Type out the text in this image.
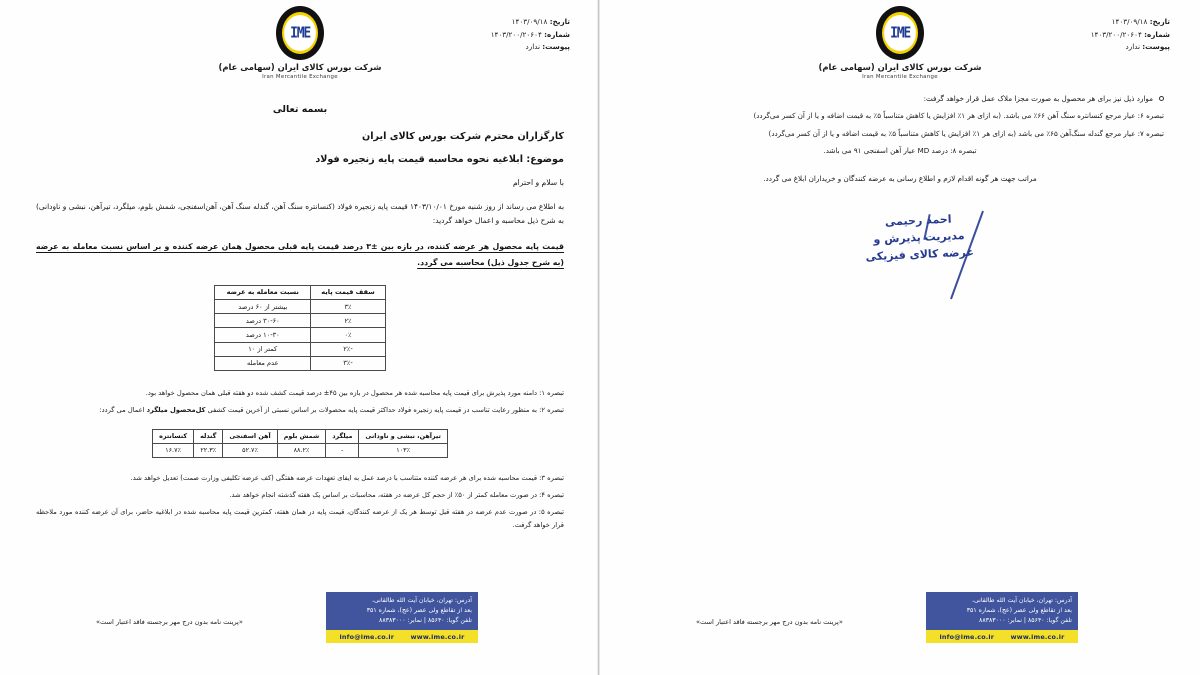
تاریخ: ۱۴۰۳/۰۹/۱۸
شماره: ۱۴۰۳/۲۰۰/۲۰۶۰۴
پیوست: ندارد
IME
شرکت بورس کالای ایران (سهامی عام)
Iran Mercantile Exchange
موارد ذیل نیز برای هر محصول به صورت مجزا ملاک عمل قرار خواهد گرفت:
تبصره ۶: عیار مرجع کنسانتره سنگ آهن ۶۶٪ می باشد. (به ازای هر ۱٪ افزایش یا کاهش متناسباً ۵٪ به قیمت اضافه و یا از آن کسر می‌گردد)
تبصره ۷: عیار مرجع گندله سنگ‌آهن ۶۵٪ می باشد (به ازای هر ۱٪ افزایش یا کاهش متناسباً ۵٪ به قیمت اضافه و یا از آن کسر می‌گردد)
تبصره ۸: درصد MD عیار آهن اسفنجی ۹۱ می باشد.
مراتب جهت هر گونه اقدام لازم و اطلاع رسانی به عرضه کنندگان و خریداران ابلاغ می گردد.
احمد رحیمی
مدیریت پذیرش و
عرضه کالای فیزیکی
آدرس: تهران، خیابان آیت الله طالقانی،
بعد از تقاطع ولی عصر (عج)، شماره ۳۵۱
تلفن گویا: ۸۵۶۴۰ | نمابر: ۸۸۳۸۳۰۰۰
info@ime.co.ir	www.ime.co.ir
«پرینت نامه بدون درج مهر برجسته فاقد اعتبار است»
تاریخ: ۱۴۰۳/۰۹/۱۸
شماره: ۱۴۰۳/۲۰۰/۲۰۶۰۴
پیوست: ندارد
IME
شرکت بورس کالای ایران (سهامی عام)
Iran Mercantile Exchange
بسمه تعالی
کارگزاران محترم شرکت بورس کالای ایران
موضوع: ابلاغیه نحوه محاسبه قیمت پایه زنجیره فولاد
با سلام و احترام
به اطلاع می رساند از روز شنبه مورخ ۱۴۰۳/۱۰/۰۱ قیمت پایه زنجیره فولاد (کنسانتره سنگ آهن، گندله سنگ آهن، آهن‌اسفنجی، شمش بلوم، میلگرد، تیرآهن، نبشی و ناودانی) به شرح ذیل محاسبه و اعمال خواهد گردید:
قیمت پایه محصول هر عرضه کننده، در بازه بین ±۳ درصد قیمت پایه قبلی محصول همان عرضه کننده و بر اساس نسبت معامله به عرضه (به شرح جدول ذیل) محاسبه می گردد.
سقف قیمت پایه	نسبت معامله به عرضه
۳٪	بیشتر از ۶۰ درصد
۲٪	۳۰-۶۰ درصد
۰٪	۱۰-۳۰ درصد
-۲٪	کمتر از ۱۰
-۳٪	عدم معامله
تبصره ۱: دامنه مورد پذیرش برای قیمت پایه محاسبه شده هر محصول در بازه بین ۴۵± درصد قیمت کشف شده دو هفته قبلی همان محصول خواهد بود.
تبصره ۲: به منظور رعایت تناسب در قیمت پایه زنجیره فولاد حداکثر قیمت پایه محصولات بر اساس نسبتی از آخرین قیمت کشفی کل‌محصول میلگرد اعمال می گردد:
تیرآهن، نبشی و ناودانی	میلگرد	شمش بلوم	آهن اسفنجی	گندله	کنسانتره
۱۰۳٪	-	۸۸.۲٪	۵۲.۷٪	۲۲.۳٪	۱۶.۷٪
تبصره ۳: قیمت محاسبه شده برای هر عرضه کننده متناسب با درصد عمل به ایفای تعهدات عرضه هفتگی (کف عرضه تکلیفی وزارت صمت) تعدیل خواهد شد.
تبصره ۴: در صورت معامله کمتر از ۵۰٪ از حجم کل عرضه در هفته، محاسبات بر اساس یک هفته گذشته انجام خواهد شد.
تبصره ۵: در صورت عدم عرضه در هفته قبل توسط هر یک از عرضه کنندگان، قیمت پایه در همان هفته، کمترین قیمت پایه محاسبه شده در ابلاغیه حاضر، برای آن عرضه کننده مورد ملاحظه قرار خواهد گرفت.
آدرس: تهران، خیابان آیت الله طالقانی،
بعد از تقاطع ولی عصر (عج)، شماره ۳۵۱
تلفن گویا: ۸۵۶۴۰ | نمابر: ۸۸۳۸۳۰۰۰
info@ime.co.ir	www.ime.co.ir
«پرینت نامه بدون درج مهر برجسته فاقد اعتبار است»
